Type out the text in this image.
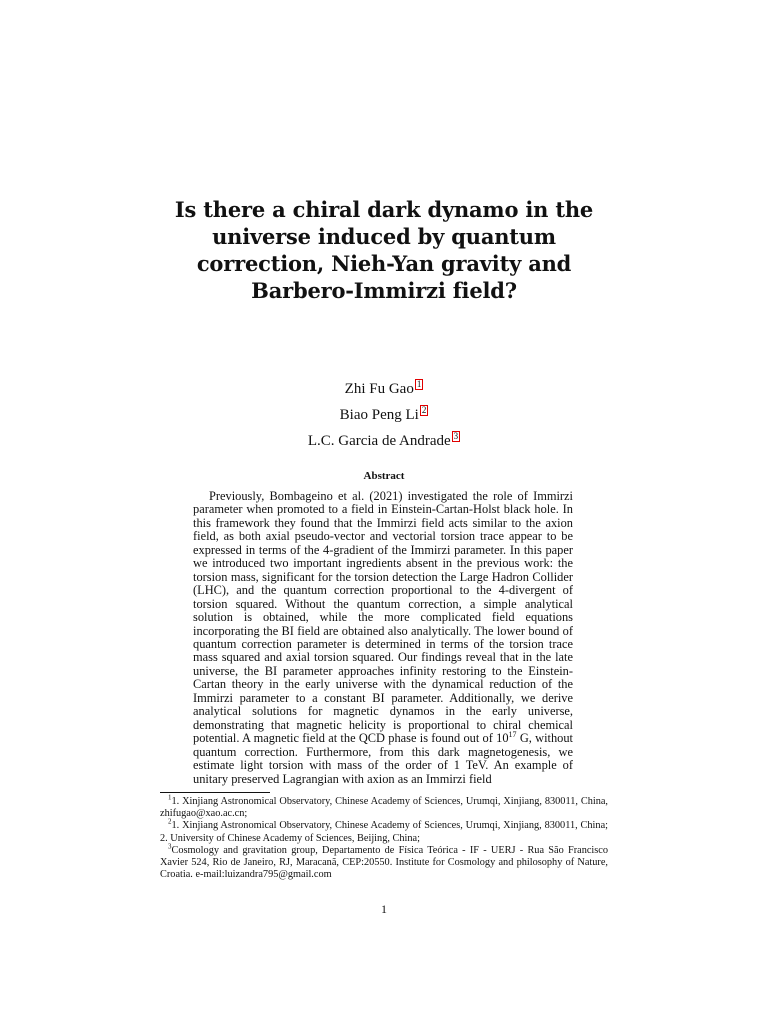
Is there a chiral dark dynamo in the universe induced by quantum correction, Nieh-Yan gravity and Barbero-Immirzi field?
Zhi Fu Gao 1
Biao Peng Li 2
L.C. Garcia de Andrade 3
Abstract

Previously, Bombageino et al. (2021) investigated the role of Immirzi parameter when promoted to a field in Einstein-Cartan-Holst black hole. In this framework they found that the Immirzi field acts similar to the axion field, as both axial pseudo-vector and vectorial torsion trace appear to be expressed in terms of the 4-gradient of the Immirzi parameter. In this paper we introduced two important ingredients absent in the previous work: the torsion mass, significant for the torsion detection the Large Hadron Collider (LHC), and the quantum correction proportional to the 4-divergent of torsion squared. Without the quantum correction, a simple analytical solution is obtained, while the more complicated field equations incorporating the BI field are obtained also analytically. The lower bound of quantum correction parameter is determined in terms of the torsion trace mass squared and axial torsion squared. Our findings reveal that in the late universe, the BI parameter approaches infinity restoring to the Einstein-Cartan theory in the early universe with the dynamical reduction of the Immirzi parameter to a constant BI parameter. Additionally, we derive analytical solutions for magnetic dynamos in the early universe, demonstrating that magnetic helicity is proportional to chiral chemical potential. A magnetic field at the QCD phase is found out of $10^{17}$ G, without quantum correction. Furthermore, from this dark magnetogenesis, we estimate light torsion with mass of the order of 1 TeV. An example of unitary preserved Lagrangian with axion as an Immirzi field

$^1$1. Xinjiang Astronomical Observatory, Chinese Academy of Sciences, Urumqi, Xinjiang, 830011, China, zhifugao@xao.ac.cn;

$^2$1. Xinjiang Astronomical Observatory, Chinese Academy of Sciences, Urumqi, Xinjiang, 830011, China; 2. University of Chinese Academy of Sciences, Beijing, China;

$^3$Cosmology and gravitation group, Departamento de Física Teórica - IF - UERJ - Rua São Francisco Xavier 524, Rio de Janeiro, RJ, Maracanã, CEP:20550. Institute for Cosmology and philosophy of Nature, Croatia. e-mail:luizandra795@gmail.com

1
